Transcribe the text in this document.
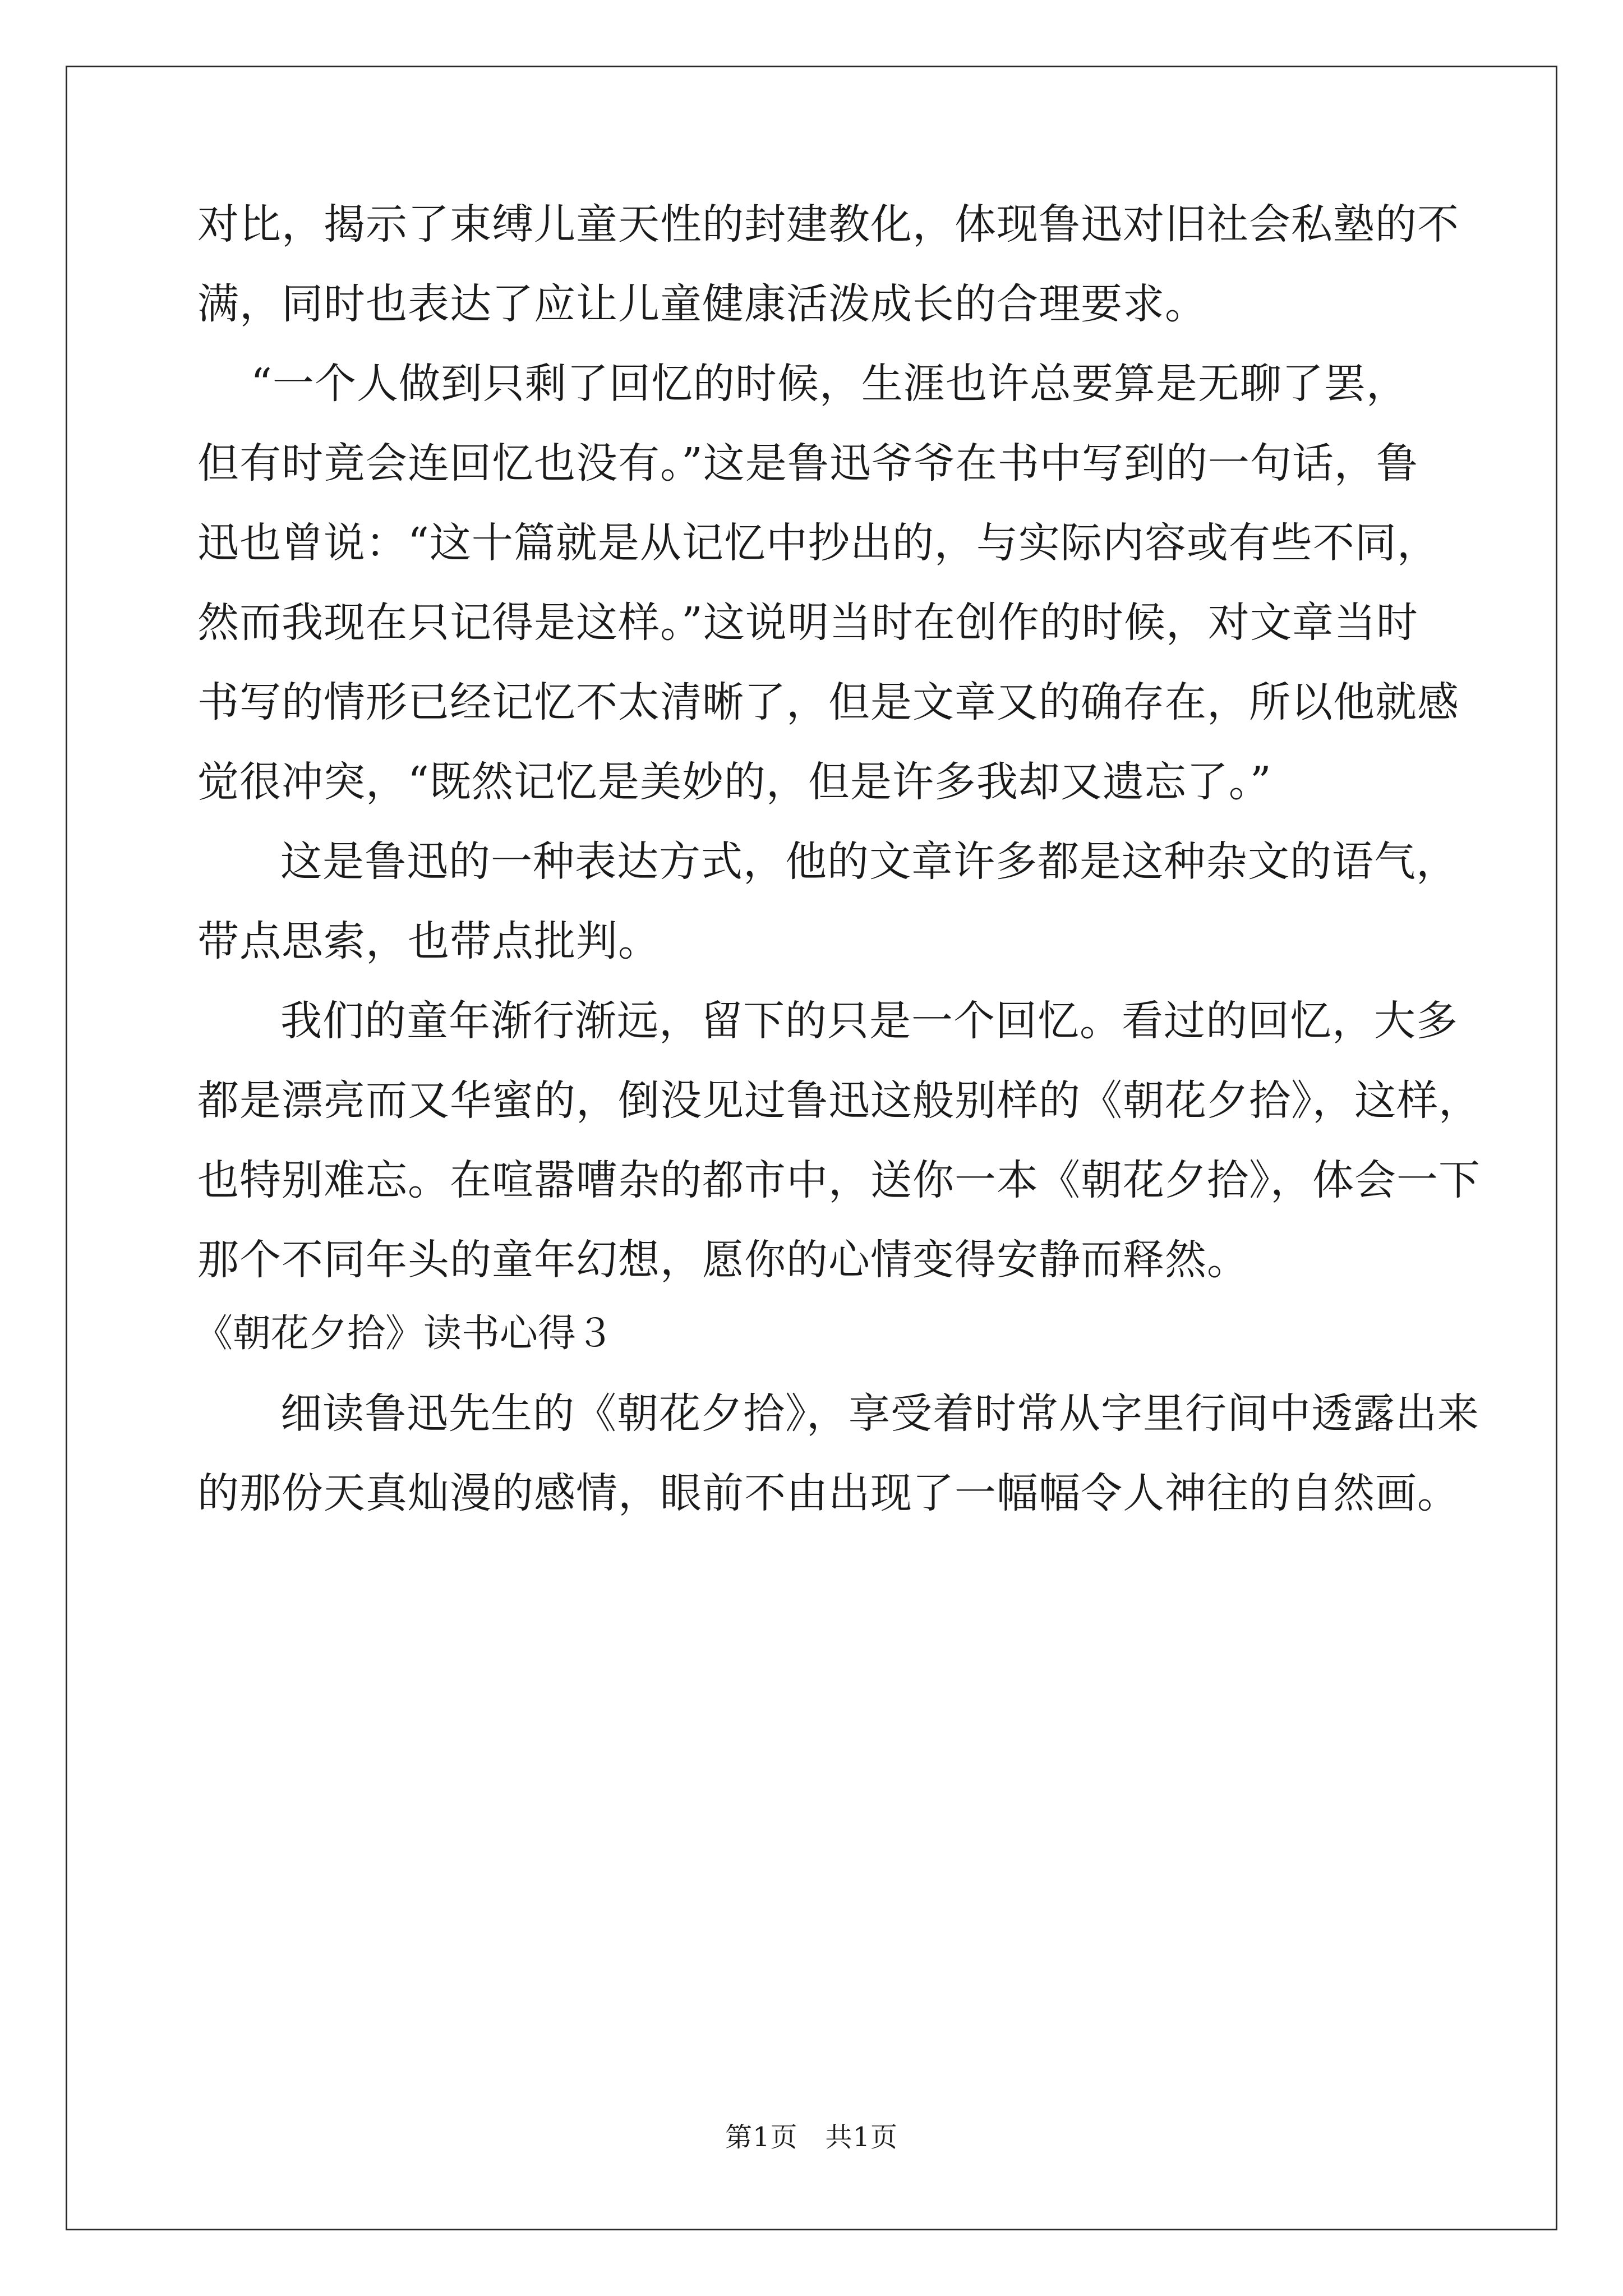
对比，揭示了束缚儿童天性的封建教化，体现鲁迅对旧社会私塾的不
满，同时也表达了应让儿童健康活泼成长的合理要求。
“一个人做到只剩了回忆的时候，生涯也许总要算是无聊了罢，
但有时竟会连回忆也没有。”这是鲁迅爷爷在书中写到的一句话，鲁
迅也曾说：“这十篇就是从记忆中抄出的，与实际内容或有些不同，
然而我现在只记得是这样。”这说明当时在创作的时候，对文章当时
书写的情形已经记忆不太清晰了，但是文章又的确存在，所以他就感
觉很冲突，“既然记忆是美妙的，但是许多我却又遗忘了。”
这是鲁迅的一种表达方式，他的文章许多都是这种杂文的语气，
带点思索，也带点批判。
我们的童年渐行渐远，留下的只是一个回忆。看过的回忆，大多
都是漂亮而又华蜜的，倒没见过鲁迅这般别样的《朝花夕拾》，这样，
也特别难忘。在喧嚣嘈杂的都市中，送你一本《朝花夕拾》，体会一下
那个不同年头的童年幻想，愿你的心情变得安静而释然。
《朝花夕拾》读书心得３
细读鲁迅先生的《朝花夕拾》，享受着时常从字里行间中透露出来
的那份天真灿漫的感情，眼前不由出现了一幅幅令人神往的自然画。
第1页　共1页
